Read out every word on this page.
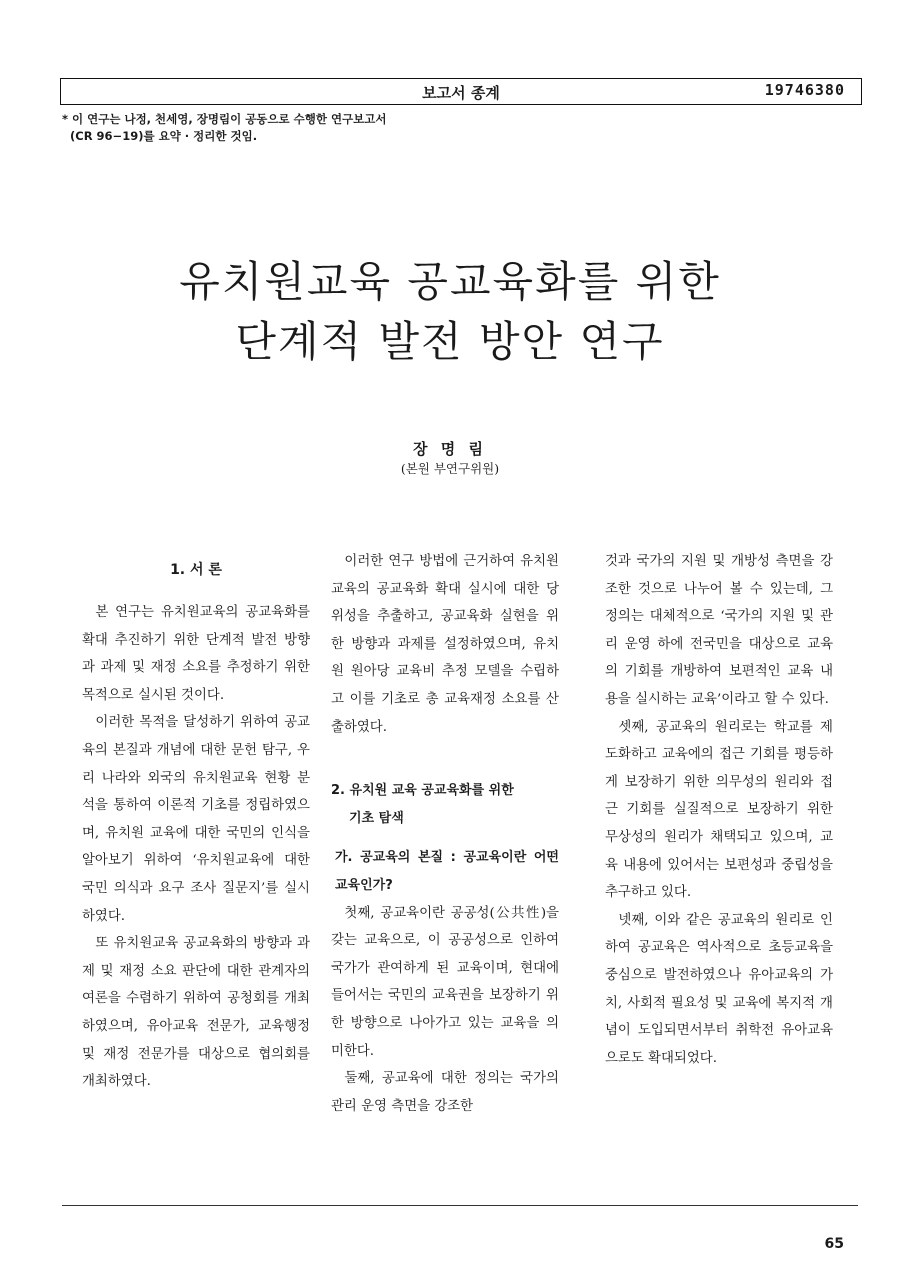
보고서 종계	19746380
* 이 연구는 나정, 천세영, 장명림이 공동으로 수행한 연구보고서
(CR 96−19)를 요약 · 정리한 것임.
유치원교육 공교육화를 위한
단계적 발전 방안 연구
장 명 림
(본원 부연구위원)
1. 서 론

본 연구는 유치원교육의 공교육화를 확대 추진하기 위한 단계적 발전 방향과 과제 및 재정 소요를 추정하기 위한 목적으로 실시된 것이다.

이러한 목적을 달성하기 위하여 공교육의 본질과 개념에 대한 문헌 탐구, 우리 나라와 외국의 유치원교육 현황 분석을 통하여 이론적 기초를 정립하였으며, 유치원 교육에 대한 국민의 인식을 알아보기 위하여 ‘유치원교육에 대한 국민 의식과 요구 조사 질문지’를 실시하였다.

또 유치원교육 공교육화의 방향과 과제 및 재정 소요 판단에 대한 관계자의 여론을 수렴하기 위하여 공청회를 개최하였으며, 유아교육 전문가, 교육행정 및 재정 전문가를 대상으로 협의회를 개최하였다.

이러한 연구 방법에 근거하여 유치원교육의 공교육화 확대 실시에 대한 당위성을 추출하고, 공교육화 실현을 위한 방향과 과제를 설정하였으며, 유치원 원아당 교육비 추정 모델을 수립하고 이를 기초로 총 교육재정 소요를 산출하였다.

2. 유치원 교육 공교육화를 위한
기초 탐색
가. 공교육의 본질 : 공교육이란 어떤 교육인가?

첫째, 공교육이란 공공성(公共性)을 갖는 교육으로, 이 공공성으로 인하여 국가가 관여하게 된 교육이며, 현대에 들어서는 국민의 교육권을 보장하기 위한 방향으로 나아가고 있는 교육을 의미한다.

둘째, 공교육에 대한 정의는 국가의 관리 운영 측면을 강조한

것과 국가의 지원 및 개방성 측면을 강조한 것으로 나누어 볼 수 있는데, 그 정의는 대체적으로 ‘국가의 지원 및 관리 운영 하에 전국민을 대상으로 교육의 기회를 개방하여 보편적인 교육 내용을 실시하는 교육’이라고 할 수 있다.

셋째, 공교육의 원리로는 학교를 제도화하고 교육에의 접근 기회를 평등하게 보장하기 위한 의무성의 원리와 접근 기회를 실질적으로 보장하기 위한 무상성의 원리가 채택되고 있으며, 교육 내용에 있어서는 보편성과 중립성을 추구하고 있다.

넷째, 이와 같은 공교육의 원리로 인하여 공교육은 역사적으로 초등교육을 중심으로 발전하였으나 유아교육의 가치, 사회적 필요성 및 교육에 복지적 개념이 도입되면서부터 취학전 유아교육으로도 확대되었다.

65
